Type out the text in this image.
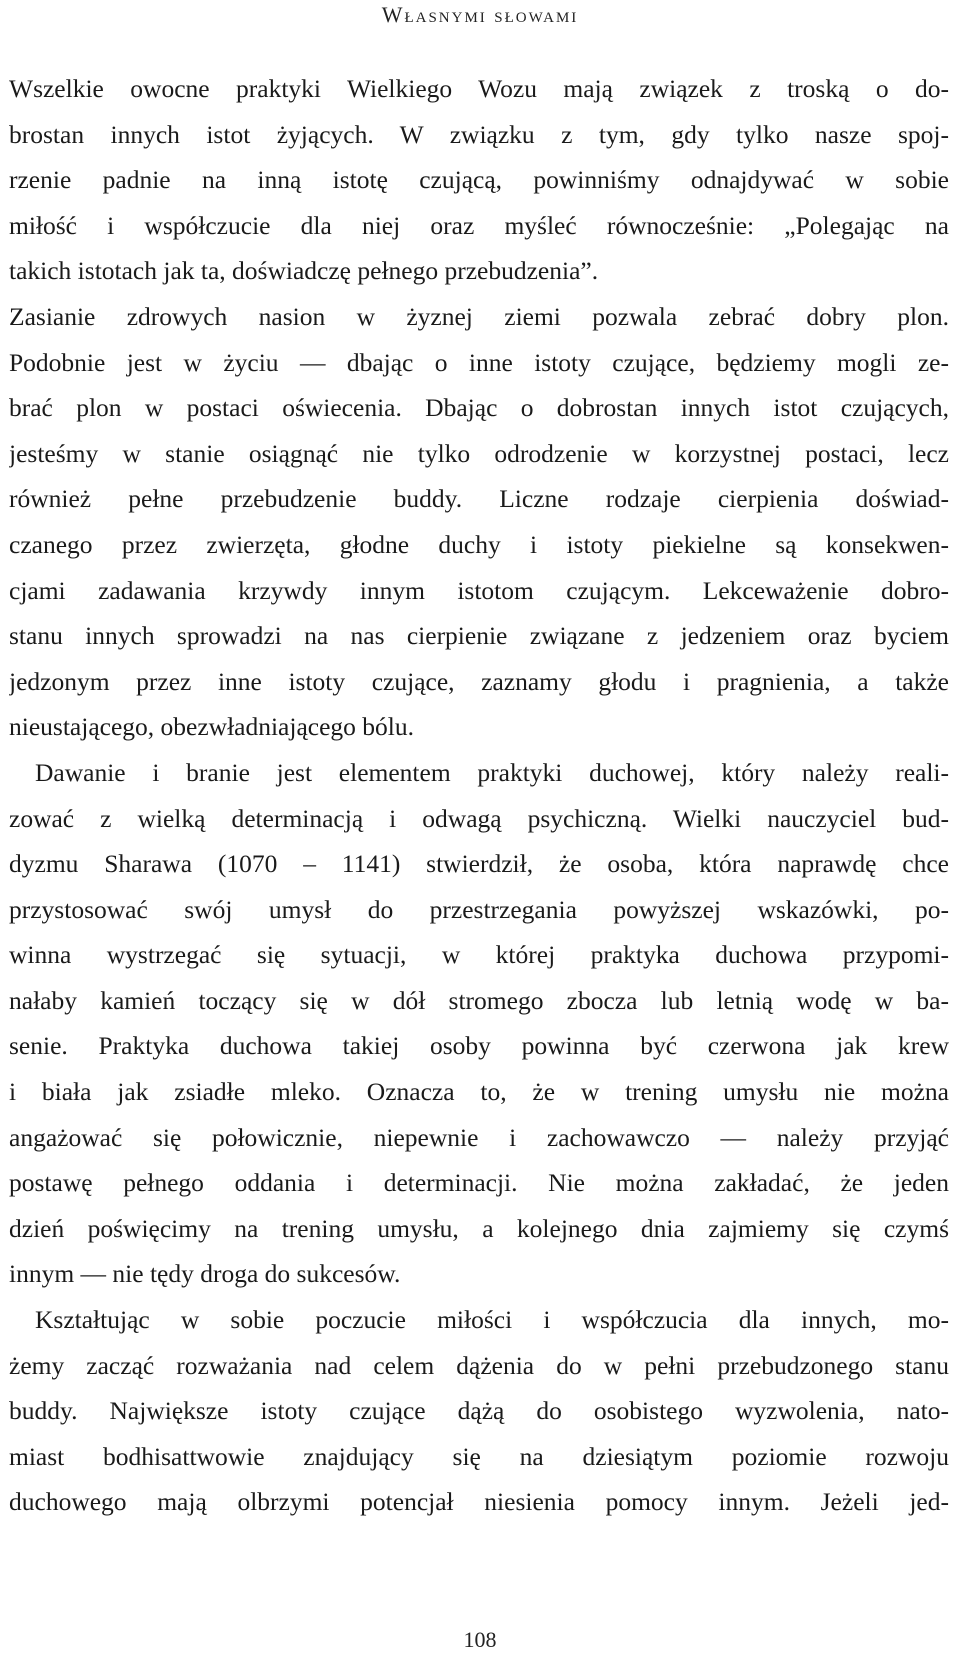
Własnymi słowami
Wszelkie owocne praktyki Wielkiego Wozu mają związek z troską o do-
brostan innych istot żyjących. W związku z tym, gdy tylko nasze spoj-
rzenie padnie na inną istotę czującą, powinniśmy odnajdywać w sobie
miłość i współczucie dla niej oraz myśleć równocześnie: „Polegając na
takich istotach jak ta, doświadczę pełnego przebudzenia”.
Zasianie zdrowych nasion w żyznej ziemi pozwala zebrać dobry plon.
Podobnie jest w życiu — dbając o inne istoty czujące, będziemy mogli ze-
brać plon w postaci oświecenia. Dbając o dobrostan innych istot czujących,
jesteśmy w stanie osiągnąć nie tylko odrodzenie w korzystnej postaci, lecz
również pełne przebudzenie buddy. Liczne rodzaje cierpienia doświad-
czanego przez zwierzęta, głodne duchy i istoty piekielne są konsekwen-
cjami zadawania krzywdy innym istotom czującym. Lekceważenie dobro-
stanu innych sprowadzi na nas cierpienie związane z jedzeniem oraz byciem
jedzonym przez inne istoty czujące, zaznamy głodu i pragnienia, a także
nieustającego, obezwładniającego bólu.
Dawanie i branie jest elementem praktyki duchowej, który należy reali-
zować z wielką determinacją i odwagą psychiczną. Wielki nauczyciel bud-
dyzmu Sharawa (1070 – 1141) stwierdził, że osoba, która naprawdę chce
przystosować swój umysł do przestrzegania powyższej wskazówki, po-
winna wystrzegać się sytuacji, w której praktyka duchowa przypomi-
nałaby kamień toczący się w dół stromego zbocza lub letnią wodę w ba-
senie. Praktyka duchowa takiej osoby powinna być czerwona jak krew
i biała jak zsiadłe mleko. Oznacza to, że w trening umysłu nie można
angażować się połowicznie, niepewnie i zachowawczo — należy przyjąć
postawę pełnego oddania i determinacji. Nie można zakładać, że jeden
dzień poświęcimy na trening umysłu, a kolejnego dnia zajmiemy się czymś
innym — nie tędy droga do sukcesów.
Kształtując w sobie poczucie miłości i współczucia dla innych, mo-
żemy zacząć rozważania nad celem dążenia do w pełni przebudzonego stanu
buddy. Największe istoty czujące dążą do osobistego wyzwolenia, nato-
miast bodhisattwowie znajdujący się na dziesiątym poziomie rozwoju
duchowego mają olbrzymi potencjał niesienia pomocy innym. Jeżeli jed-
108
